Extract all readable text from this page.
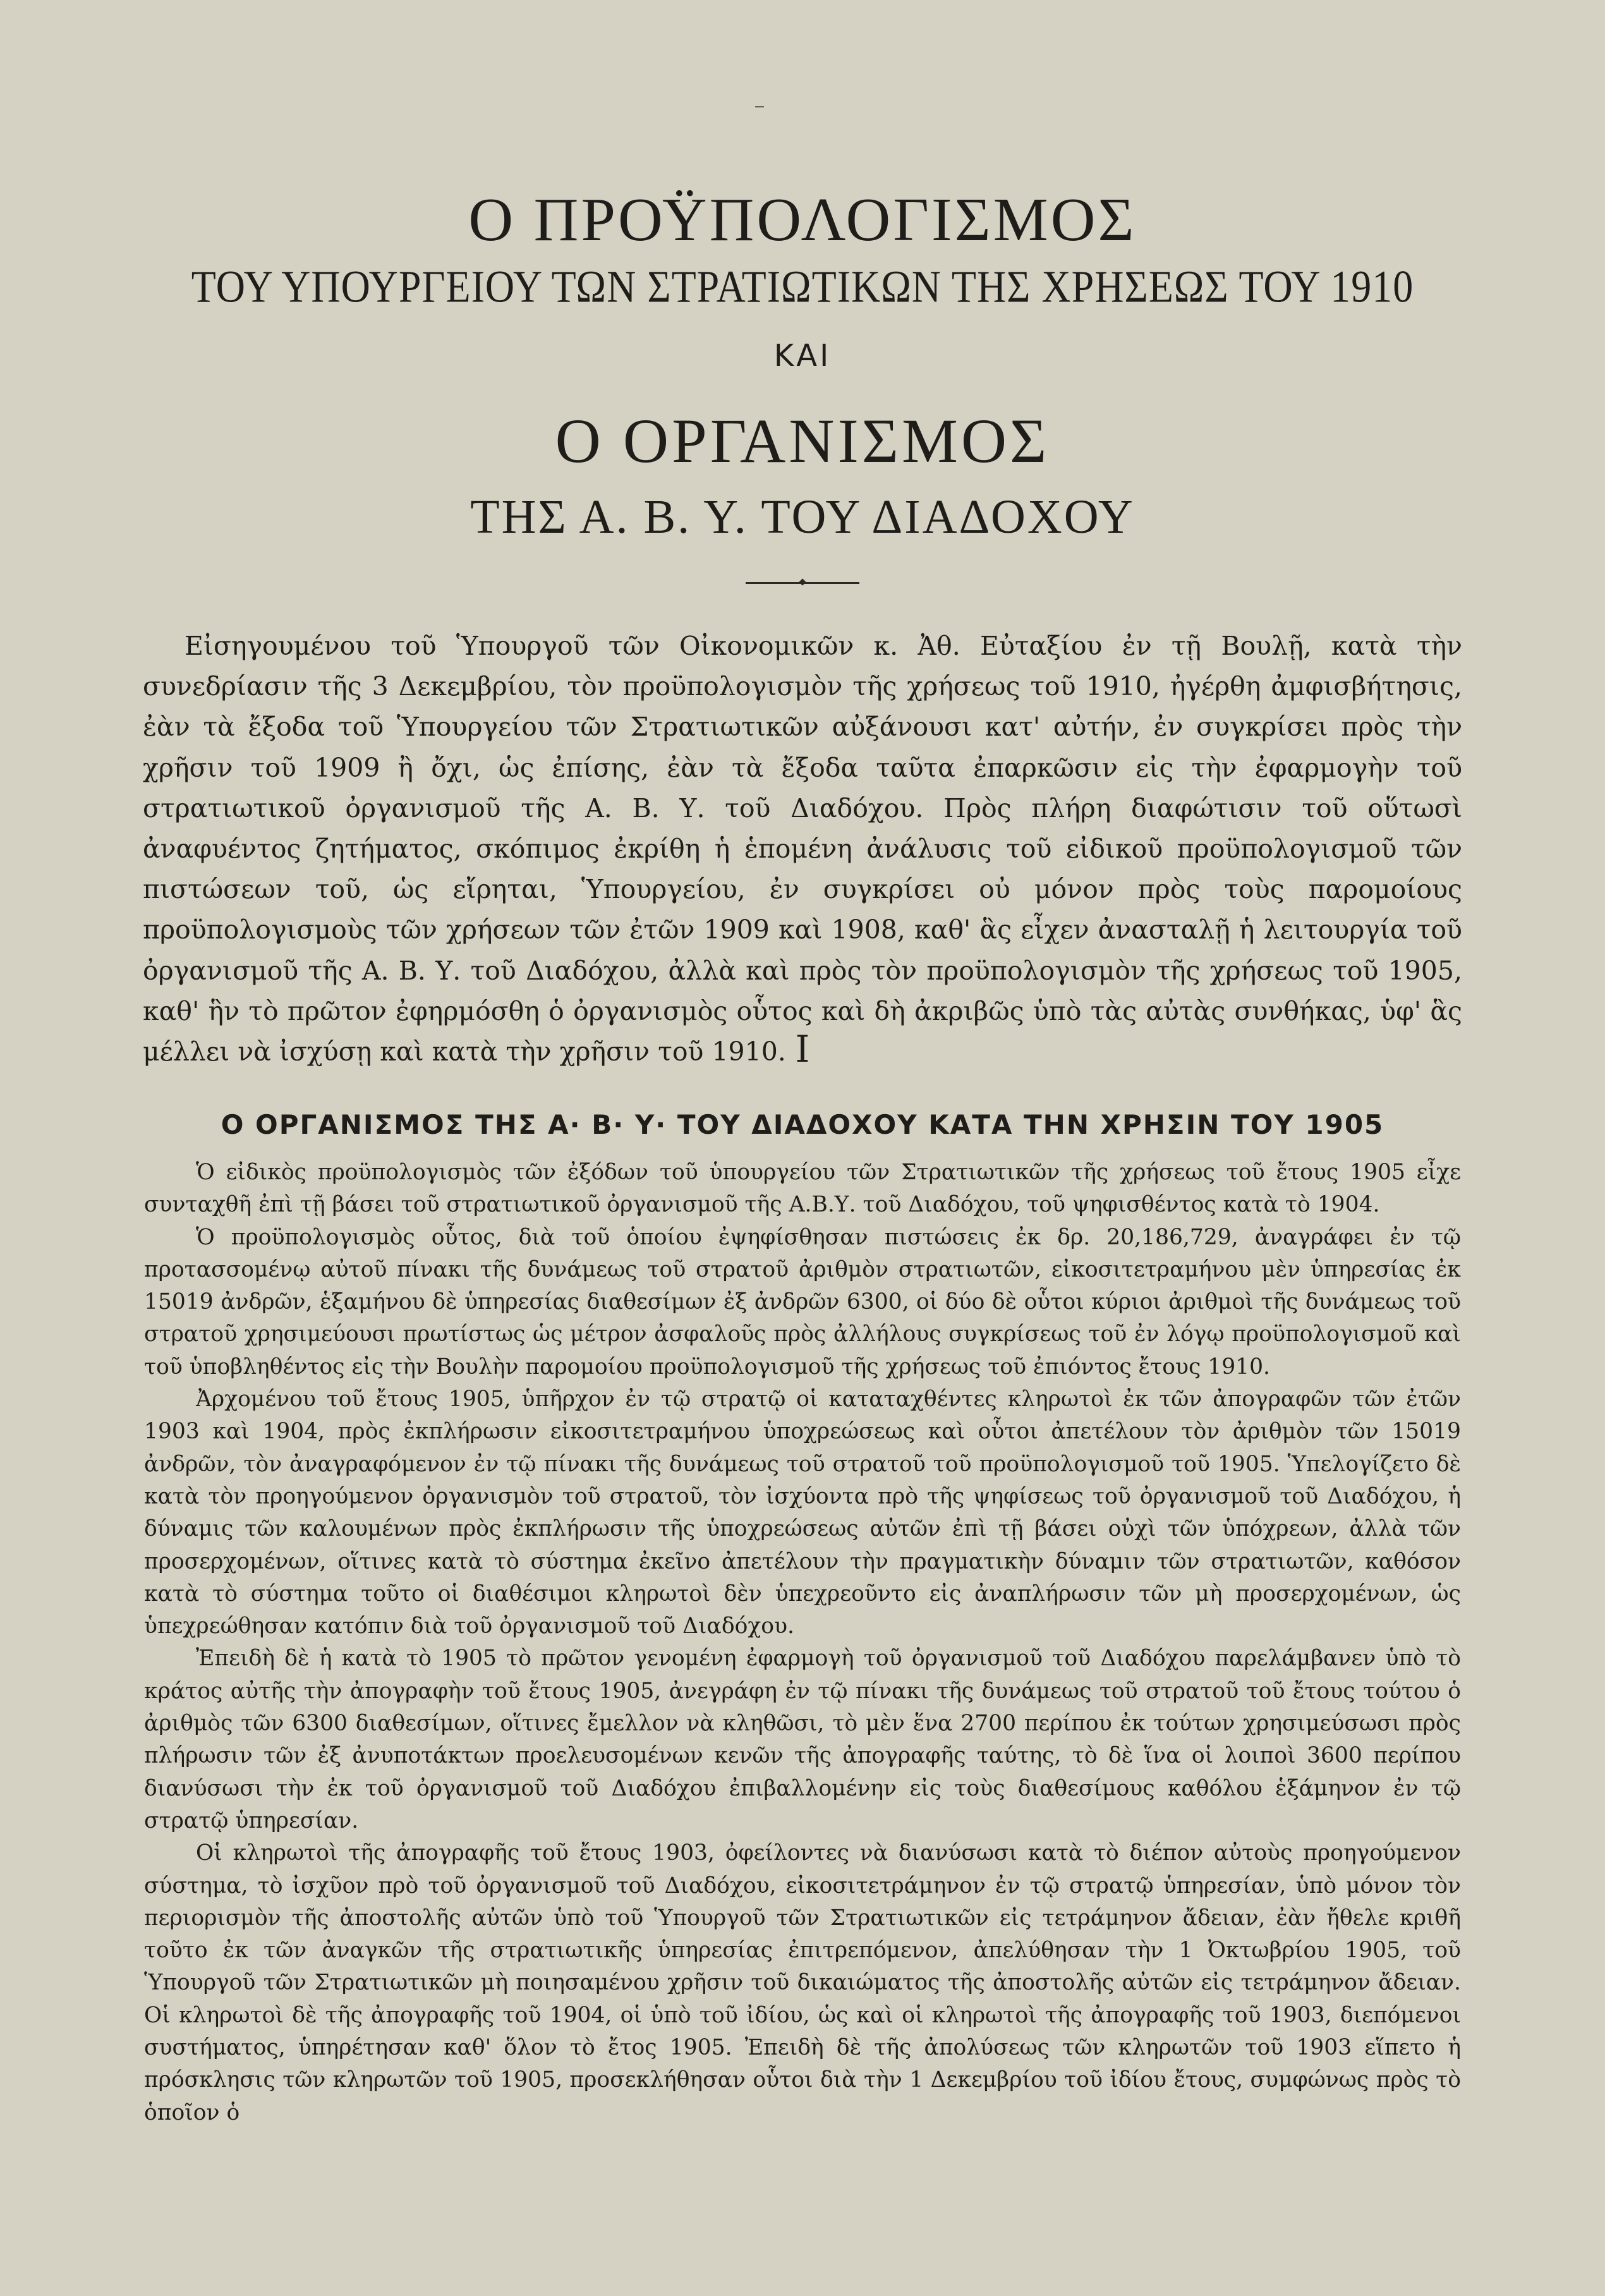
Ο ΠΡΟΫΠΟΛΟΓΙΣΜΟΣ
ΤΟΥ ΥΠΟΥΡΓΕΙΟΥ ΤΩΝ ΣΤΡΑΤΙΩΤΙΚΩΝ ΤΗΣ ΧΡΗΣΕΩΣ ΤΟΥ 1910
ΚΑΙ
Ο ΟΡΓΑΝΙΣΜΟΣ
ΤΗΣ Α. Β. Υ. ΤΟΥ ΔΙΑΔΟΧΟΥ

Εἰσηγουμένου τοῦ Ὑπουργοῦ τῶν Οἰκονομικῶν κ. Ἀθ. Εὐταξίου ἐν τῇ Βουλῇ, κατὰ τὴν συνεδρίασιν τῆς 3 Δεκεμβρίου, τὸν προϋπολογισμὸν τῆς χρήσεως τοῦ 1910, ἠγέρθη ἀμφισβήτησις, ἐὰν τὰ ἔξοδα τοῦ Ὑπουργείου τῶν Στρατιωτικῶν αὐξάνουσι κατ' αὐτήν, ἐν συγκρίσει πρὸς τὴν χρῆσιν τοῦ 1909 ἢ ὄχι, ὡς ἐπίσης, ἐὰν τὰ ἔξοδα ταῦτα ἐπαρκῶσιν εἰς τὴν ἐφαρμογὴν τοῦ στρατιωτικοῦ ὀργανισμοῦ τῆς Α. Β. Υ. τοῦ Διαδόχου. Πρὸς πλήρη διαφώτισιν τοῦ οὕτωσὶ ἀναφυέντος ζητήματος, σκόπιμος ἐκρίθη ἡ ἑπομένη ἀνάλυσις τοῦ εἰδικοῦ προϋπολογισμοῦ τῶν πιστώσεων τοῦ, ὡς εἴρηται, Ὑπουργείου, ἐν συγκρίσει οὐ μόνον πρὸς τοὺς παρομοίους προϋπολογισμοὺς τῶν χρήσεων τῶν ἐτῶν 1909 καὶ 1908, καθ' ἃς εἶχεν ἀνασταλῇ ἡ λειτουργία τοῦ ὀργανισμοῦ τῆς Α. Β. Υ. τοῦ Διαδόχου, ἀλλὰ καὶ πρὸς τὸν προϋπολογισμὸν τῆς χρήσεως τοῦ 1905, καθ' ἣν τὸ πρῶτον ἐφηρμόσθη ὁ ὀργανισμὸς οὗτος καὶ δὴ ἀκριβῶς ὑπὸ τὰς αὐτὰς συνθήκας, ὑφ' ἃς μέλλει νὰ ἰσχύσῃ καὶ κατὰ τὴν χρῆσιν τοῦ 1910. I
Ο ΟΡΓΑΝΙΣΜΟΣ ΤΗΣ Α· Β· Υ· ΤΟΥ ΔΙΑΔΟΧΟΥ ΚΑΤΑ ΤΗΝ ΧΡΗΣΙΝ ΤΟΥ 1905

Ὁ εἰδικὸς προϋπολογισμὸς τῶν ἐξόδων τοῦ ὑπουργείου τῶν Στρατιωτικῶν τῆς χρήσεως τοῦ ἔτους 1905 εἶχε συνταχθῆ ἐπὶ τῇ βάσει τοῦ στρατιωτικοῦ ὀργανισμοῦ τῆς Α.Β.Υ. τοῦ Διαδόχου, τοῦ ψηφισθέντος κατὰ τὸ 1904.

Ὁ προϋπολογισμὸς οὗτος, διὰ τοῦ ὁποίου ἐψηφίσθησαν πιστώσεις ἐκ δρ. 20,186,729, ἀναγράφει ἐν τῷ προτασσομένῳ αὐτοῦ πίνακι τῆς δυνάμεως τοῦ στρατοῦ ἀριθμὸν στρατιωτῶν, εἰκοσιτετραμήνου μὲν ὑπηρεσίας ἐκ 15019 ἀνδρῶν, ἑξαμήνου δὲ ὑπηρεσίας διαθεσίμων ἐξ ἀνδρῶν 6300, οἱ δύο δὲ οὗτοι κύριοι ἀριθμοὶ τῆς δυνάμεως τοῦ στρατοῦ χρησιμεύουσι πρωτίστως ὡς μέτρον ἀσφαλοῦς πρὸς ἀλλήλους συγκρίσεως τοῦ ἐν λόγῳ προϋπολογισμοῦ καὶ τοῦ ὑποβληθέντος εἰς τὴν Βουλὴν παρομοίου προϋπολογισμοῦ τῆς χρήσεως τοῦ ἐπιόντος ἔτους 1910.

Ἀρχομένου τοῦ ἔτους 1905, ὑπῆρχον ἐν τῷ στρατῷ οἱ καταταχθέντες κληρωτοὶ ἐκ τῶν ἀπογραφῶν τῶν ἐτῶν 1903 καὶ 1904, πρὸς ἐκπλήρωσιν εἰκοσιτετραμήνου ὑποχρεώσεως καὶ οὗτοι ἀπετέλουν τὸν ἀριθμὸν τῶν 15019 ἀνδρῶν, τὸν ἀναγραφόμενον ἐν τῷ πίνακι τῆς δυνάμεως τοῦ στρατοῦ τοῦ προϋπολογισμοῦ τοῦ 1905. Ὑπελογίζετο δὲ κατὰ τὸν προηγούμενον ὀργανισμὸν τοῦ στρατοῦ, τὸν ἰσχύοντα πρὸ τῆς ψηφίσεως τοῦ ὀργανισμοῦ τοῦ Διαδόχου, ἡ δύναμις τῶν καλουμένων πρὸς ἐκπλήρωσιν τῆς ὑποχρεώσεως αὐτῶν ἐπὶ τῇ βάσει οὐχὶ τῶν ὑπόχρεων, ἀλλὰ τῶν προσερχομένων, οἵτινες κατὰ τὸ σύστημα ἐκεῖνο ἀπετέλουν τὴν πραγματικὴν δύναμιν τῶν στρατιωτῶν, καθόσον κατὰ τὸ σύστημα τοῦτο οἱ διαθέσιμοι κληρωτοὶ δὲν ὑπεχρεοῦντο εἰς ἀναπλήρωσιν τῶν μὴ προσερχομένων, ὡς ὑπεχρεώθησαν κατόπιν διὰ τοῦ ὀργανισμοῦ τοῦ Διαδόχου.

Ἐπειδὴ δὲ ἡ κατὰ τὸ 1905 τὸ πρῶτον γενομένη ἐφαρμογὴ τοῦ ὀργανισμοῦ τοῦ Διαδόχου παρελάμβανεν ὑπὸ τὸ κράτος αὐτῆς τὴν ἀπογραφὴν τοῦ ἔτους 1905, ἀνεγράφη ἐν τῷ πίνακι τῆς δυνάμεως τοῦ στρατοῦ τοῦ ἔτους τούτου ὁ ἀριθμὸς τῶν 6300 διαθεσίμων, οἵτινες ἔμελλον νὰ κληθῶσι, τὸ μὲν ἕνα 2700 περίπου ἐκ τούτων χρησιμεύσωσι πρὸς πλήρωσιν τῶν ἐξ ἀνυποτάκτων προελευσομένων κενῶν τῆς ἀπογραφῆς ταύτης, τὸ δὲ ἵνα οἱ λοιποὶ 3600 περίπου διανύσωσι τὴν ἐκ τοῦ ὀργανισμοῦ τοῦ Διαδόχου ἐπιβαλλομένην εἰς τοὺς διαθεσίμους καθόλου ἑξάμηνον ἐν τῷ στρατῷ ὑπηρεσίαν.

Οἱ κληρωτοὶ τῆς ἀπογραφῆς τοῦ ἔτους 1903, ὀφείλοντες νὰ διανύσωσι κατὰ τὸ διέπον αὐτοὺς προηγούμενον σύστημα, τὸ ἰσχῦον πρὸ τοῦ ὀργανισμοῦ τοῦ Διαδόχου, εἰκοσιτετράμηνον ἐν τῷ στρατῷ ὑπηρεσίαν, ὑπὸ μόνον τὸν περιορισμὸν τῆς ἀποστολῆς αὐτῶν ὑπὸ τοῦ Ὑπουργοῦ τῶν Στρατιωτικῶν εἰς τετράμηνον ἄδειαν, ἐὰν ἤθελε κριθῆ τοῦτο ἐκ τῶν ἀναγκῶν τῆς στρατιωτικῆς ὑπηρεσίας ἐπιτρεπόμενον, ἀπελύθησαν τὴν 1 Ὀκτωβρίου 1905, τοῦ Ὑπουργοῦ τῶν Στρατιωτικῶν μὴ ποιησαμένου χρῆσιν τοῦ δικαιώματος τῆς ἀποστολῆς αὐτῶν εἰς τετράμηνον ἄδειαν. Οἱ κληρωτοὶ δὲ τῆς ἀπογραφῆς τοῦ 1904, οἱ ὑπὸ τοῦ ἰδίου, ὡς καὶ οἱ κληρωτοὶ τῆς ἀπογραφῆς τοῦ 1903, διεπόμενοι συστήματος, ὑπηρέτησαν καθ' ὅλον τὸ ἔτος 1905. Ἐπειδὴ δὲ τῆς ἀπολύσεως τῶν κληρωτῶν τοῦ 1903 εἵπετο ἡ πρόσκλησις τῶν κληρωτῶν τοῦ 1905, προσεκλήθησαν οὗτοι διὰ τὴν 1 Δεκεμβρίου τοῦ ἰδίου ἔτους, συμφώνως πρὸς τὸ ὁποῖον ὁ
